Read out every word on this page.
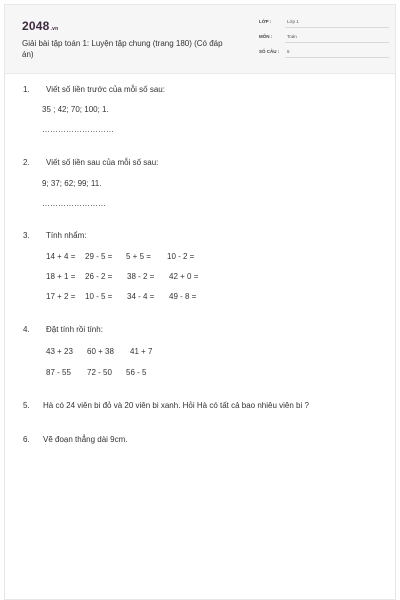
2048.vn
Giải bài tập toán 1: Luyện tập chung (trang 180) (Có đáp án)
LỚP :	Lớp 1
MÔN :	Toán
SỐ CÂU : 6
1. Viết số liền trước của mỗi số sau:
35 ; 42; 70; 100; 1.
………………………
2. Viết số liền sau của mỗi số sau:
9; 37; 62; 99; 11.
……………………
3. Tính nhẩm:
14 + 4 = 29 - 5 = 5 + 5 = 10 - 2 =
18 + 1 = 26 - 2 = 38 - 2 = 42 + 0 =
17 + 2 = 10 - 5 = 34 - 4 = 49 - 8 =
4. Đặt tính rồi tính:
43 + 23 60 + 38 41 + 7
87 - 55 72 - 50 56 - 5
5. Hà có 24 viên bi đỏ và 20 viên bi xanh. Hỏi Hà có tất cả bao nhiêu viên bi ?
6. Vẽ đoạn thẳng dài 9cm.
